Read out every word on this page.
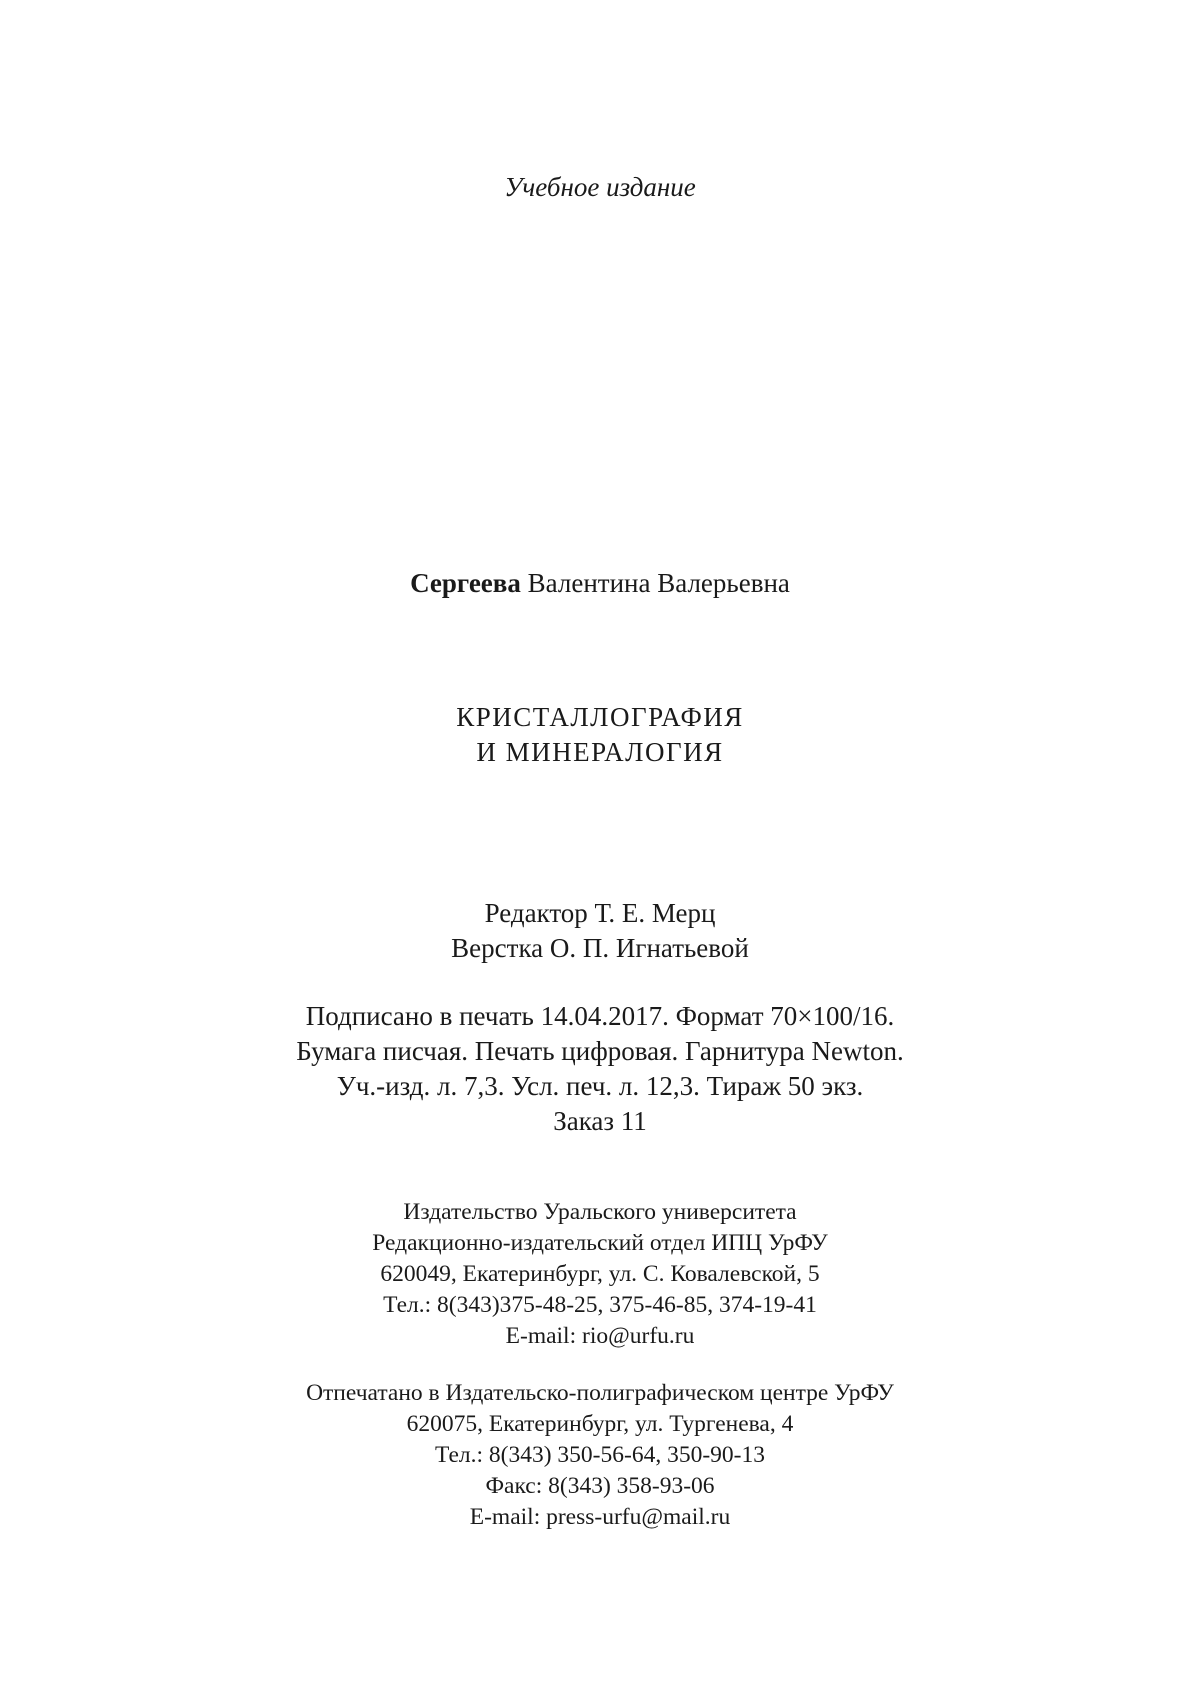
Учебное издание
Сергеева Валентина Валерьевна
КРИСТАЛЛОГРАФИЯ
И МИНЕРАЛОГИЯ
Редактор Т. Е. Мерц
Верстка О. П. Игнатьевой
Подписано в печать 14.04.2017. Формат 70×100/16.
Бумага писчая. Печать цифровая. Гарнитура Newton.
Уч.-изд. л. 7,3. Усл. печ. л. 12,3. Тираж 50 экз.
Заказ 11
Издательство Уральского университета
Редакционно-издательский отдел ИПЦ УрФУ
620049, Екатеринбург, ул. С. Ковалевской, 5
Тел.: 8(343)375-48-25, 375-46-85, 374-19-41
E-mail: rio@urfu.ru
Отпечатано в Издательско-полиграфическом центре УрФУ
620075, Екатеринбург, ул. Тургенева, 4
Тел.: 8(343) 350-56-64, 350-90-13
Факс: 8(343) 358-93-06
E-mail: press-urfu@mail.ru
